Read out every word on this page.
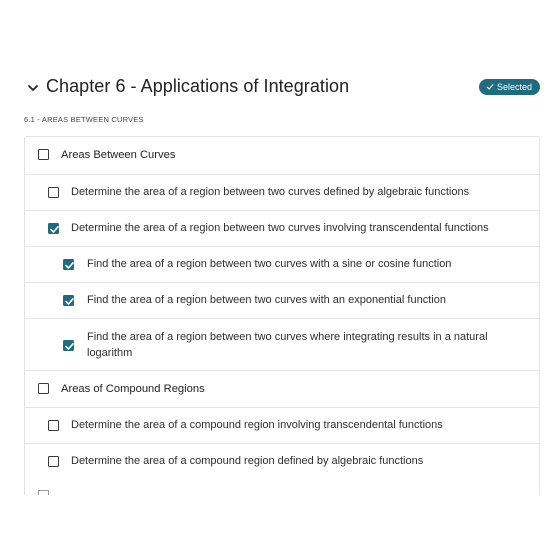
Chapter 6 - Applications of Integration	Selected
6.1 - AREAS BETWEEN CURVES
Areas Between Curves
Determine the area of a region between two curves defined by algebraic functions
Determine the area of a region between two curves involving transcendental functions
Find the area of a region between two curves with a sine or cosine function
Find the area of a region between two curves with an exponential function
Find the area of a region between two curves where integrating results in a natural logarithm
Areas of Compound Regions
Determine the area of a compound region involving transcendental functions
Determine the area of a compound region defined by algebraic functions
